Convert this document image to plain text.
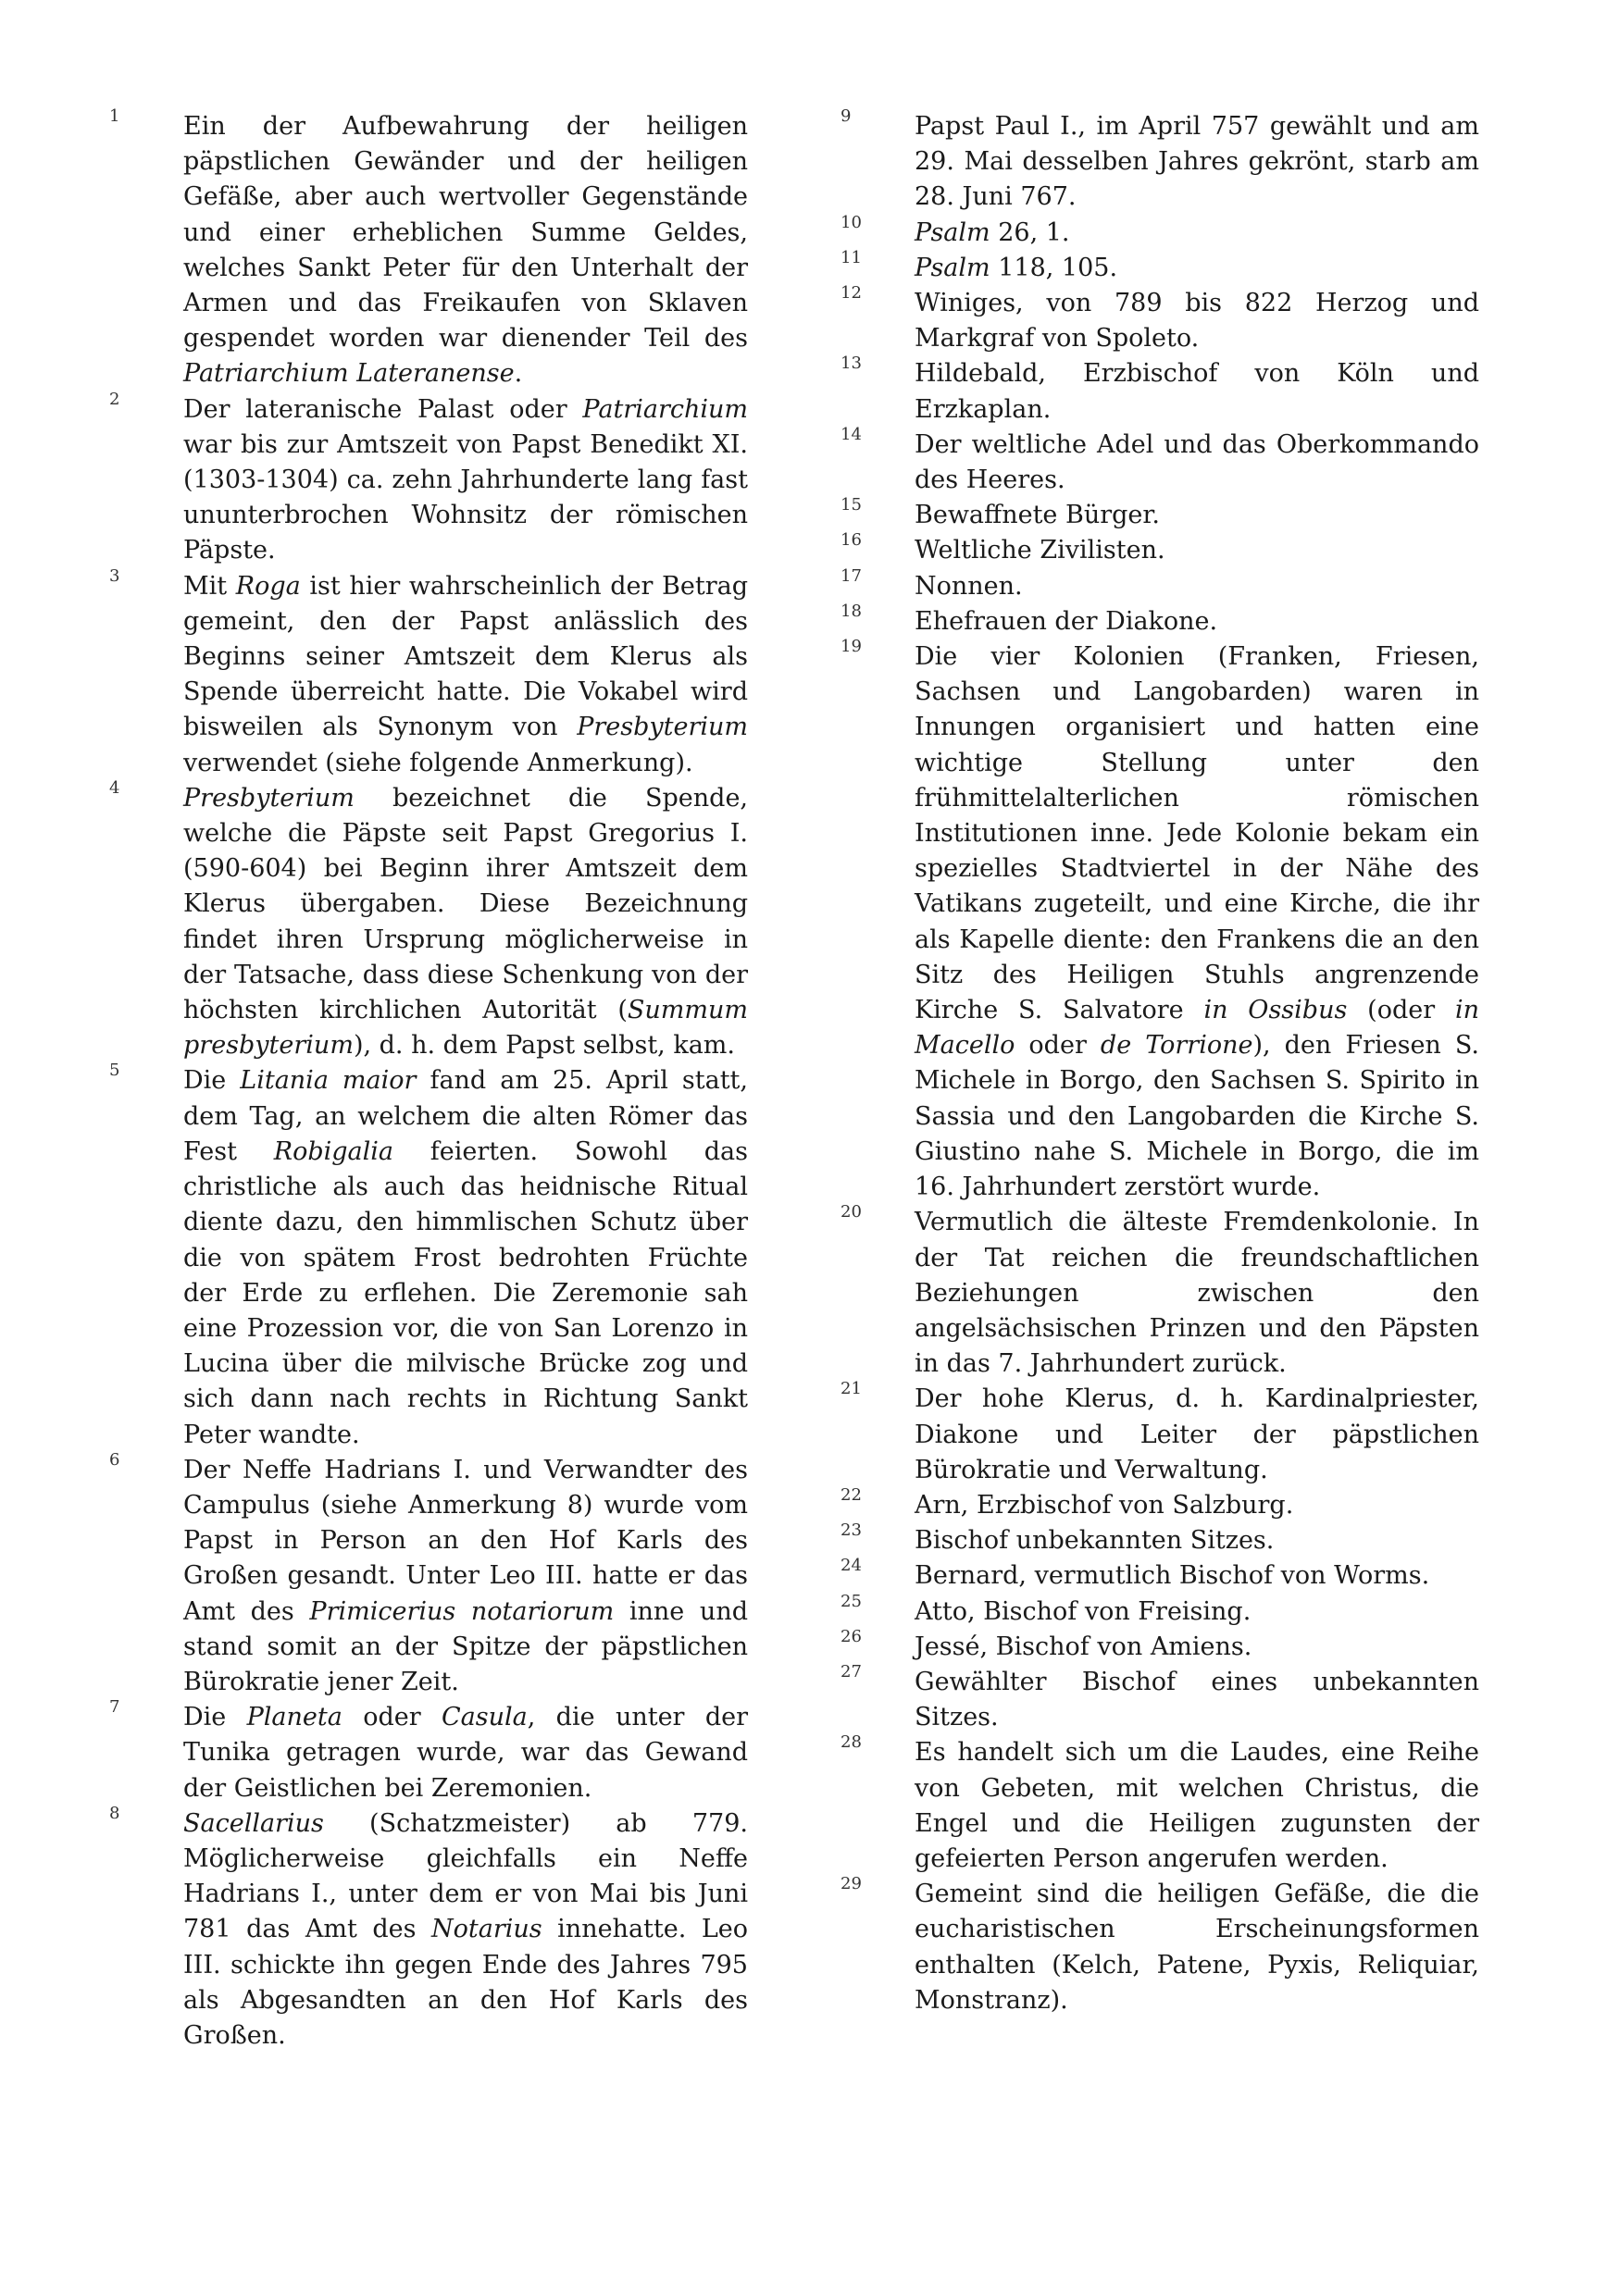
1	Ein der Aufbewahrung der heiligen päpstlichen Gewänder und der heiligen Gefäße, aber auch wertvoller Gegenstände und einer erheblichen Summe Geldes, welches Sankt Peter für den Unterhalt der Armen und das Freikaufen von Sklaven gespendet worden war dienender Teil des Patriarchium Lateranense.
2	Der lateranische Palast oder Patriarchium war bis zur Amtszeit von Papst Benedikt XI. (1303-1304) ca. zehn Jahrhunderte lang fast ununterbrochen Wohnsitz der römischen Päpste.
3	Mit Roga ist hier wahrscheinlich der Betrag gemeint, den der Papst anlässlich des Beginns seiner Amtszeit dem Klerus als Spende überreicht hatte. Die Vokabel wird bisweilen als Synonym von Presbyterium verwendet (siehe folgende Anmerkung).
4	Presbyterium bezeichnet die Spende, welche die Päpste seit Papst Gregorius I. (590-604) bei Beginn ihrer Amtszeit dem Klerus übergaben. Diese Bezeichnung findet ihren Ursprung möglicherweise in der Tatsache, dass diese Schenkung von der höchsten kirchlichen Autorität (Summum presbyterium), d. h. dem Papst selbst, kam.
5	Die Litania maior fand am 25. April statt, dem Tag, an welchem die alten Römer das Fest Robigalia feierten. Sowohl das christliche als auch das heidnische Ritual diente dazu, den himmlischen Schutz über die von spätem Frost bedrohten Früchte der Erde zu erflehen. Die Zeremonie sah eine Prozession vor, die von San Lorenzo in Lucina über die milvische Brücke zog und sich dann nach rechts in Richtung Sankt Peter wandte.
6	Der Neffe Hadrians I. und Verwandter des Campulus (siehe Anmerkung 8) wurde vom Papst in Person an den Hof Karls des Großen gesandt. Unter Leo III. hatte er das Amt des Primicerius notariorum inne und stand somit an der Spitze der päpstlichen Bürokratie jener Zeit.
7	Die Planeta oder Casula, die unter der Tunika getragen wurde, war das Gewand der Geistlichen bei Zeremonien.
8	Sacellarius (Schatzmeister) ab 779. Möglicherweise gleichfalls ein Neffe Hadrians I., unter dem er von Mai bis Juni 781 das Amt des Notarius innehatte. Leo III. schickte ihn gegen Ende des Jahres 795 als Abgesandten an den Hof Karls des Großen.
9	Papst Paul I., im April 757 gewählt und am 29. Mai desselben Jahres gekrönt, starb am 28. Juni 767.
10 Psalm 26, 1.
11 Psalm 118, 105.
12 Winiges, von 789 bis 822 Herzog und Markgraf von Spoleto.
13 Hildebald, Erzbischof von Köln und Erzkaplan.
14 Der weltliche Adel und das Oberkommando des Heeres.
15 Bewaffnete Bürger.
16 Weltliche Zivilisten.
17 Nonnen.
18 Ehefrauen der Diakone.
19 Die vier Kolonien (Franken, Friesen, Sachsen und Langobarden) waren in Innungen organisiert und hatten eine wichtige Stellung unter den frühmittelalterlichen römischen Institutionen inne. Jede Kolonie bekam ein spezielles Stadtviertel in der Nähe des Vatikans zugeteilt, und eine Kirche, die ihr als Kapelle diente: den Frankens die an den Sitz des Heiligen Stuhls angrenzende Kirche S. Salvatore in Ossibus (oder in Macello oder de Torrione), den Friesen S. Michele in Borgo, den Sachsen S. Spirito in Sassia und den Langobarden die Kirche S. Giustino nahe S. Michele in Borgo, die im 16. Jahrhundert zerstört wurde.
20 Vermutlich die älteste Fremdenkolonie. In der Tat reichen die freundschaftlichen Beziehungen zwischen den angelsächsischen Prinzen und den Päpsten in das 7. Jahrhundert zurück.
21 Der hohe Klerus, d. h. Kardinalpriester, Diakone und Leiter der päpstlichen Bürokratie und Verwaltung.
22 Arn, Erzbischof von Salzburg.
23 Bischof unbekannten Sitzes.
24 Bernard, vermutlich Bischof von Worms.
25 Atto, Bischof von Freising.
26 Jessé, Bischof von Amiens.
27 Gewählter Bischof eines unbekannten Sitzes.
28 Es handelt sich um die Laudes, eine Reihe von Gebeten, mit welchen Christus, die Engel und die Heiligen zugunsten der gefeierten Person angerufen werden.
29 Gemeint sind die heiligen Gefäße, die die eucharistischen Erscheinungsformen enthalten (Kelch, Patene, Pyxis, Reliquiar, Monstranz).
